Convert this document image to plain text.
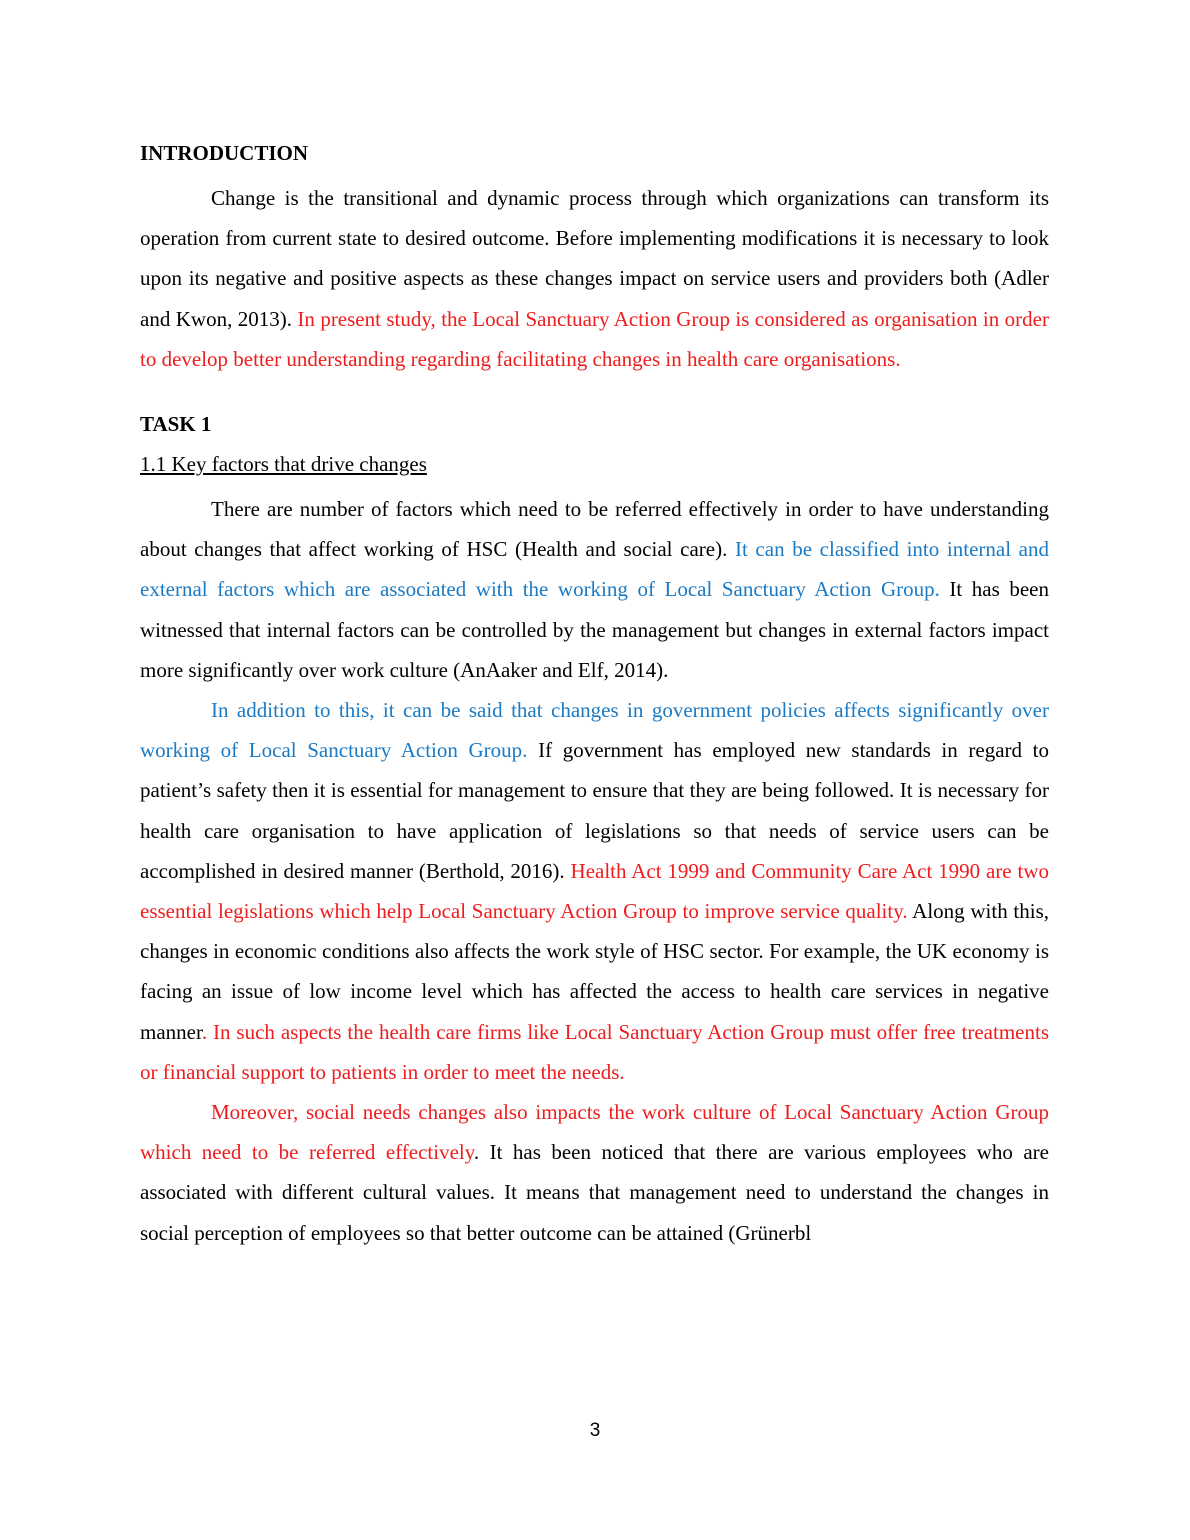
INTRODUCTION

Change is the transitional and dynamic process through which organizations can transform its operation from current state to desired outcome. Before implementing modifications it is necessary to look upon its negative and positive aspects as these changes impact on service users and providers both (Adler and Kwon, 2013). In present study, the Local Sanctuary Action Group is considered as organisation in order to develop better understanding regarding facilitating changes in health care organisations.

TASK 1

1.1 Key factors that drive changes

There are number of factors which need to be referred effectively in order to have understanding about changes that affect working of HSC (Health and social care). It can be classified into internal and external factors which are associated with the working of Local Sanctuary Action Group. It has been witnessed that internal factors can be controlled by the management but changes in external factors impact more significantly over work culture (AnAaker and Elf, 2014).

In addition to this, it can be said that changes in government policies affects significantly over working of Local Sanctuary Action Group. If government has employed new standards in regard to patient’s safety then it is essential for management to ensure that they are being followed. It is necessary for health care organisation to have application of legislations so that needs of service users can be accomplished in desired manner (Berthold, 2016). Health Act 1999 and Community Care Act 1990 are two essential legislations which help Local Sanctuary Action Group to improve service quality. Along with this, changes in economic conditions also affects the work style of HSC sector. For example, the UK economy is facing an issue of low income level which has affected the access to health care services in negative manner. In such aspects the health care firms like Local Sanctuary Action Group must offer free treatments or financial support to patients in order to meet the needs.

Moreover, social needs changes also impacts the work culture of Local Sanctuary Action Group which need to be referred effectively. It has been noticed that there are various employees who are associated with different cultural values. It means that management need to understand the changes in social perception of employees so that better outcome can be attained (Grünerbl

3
